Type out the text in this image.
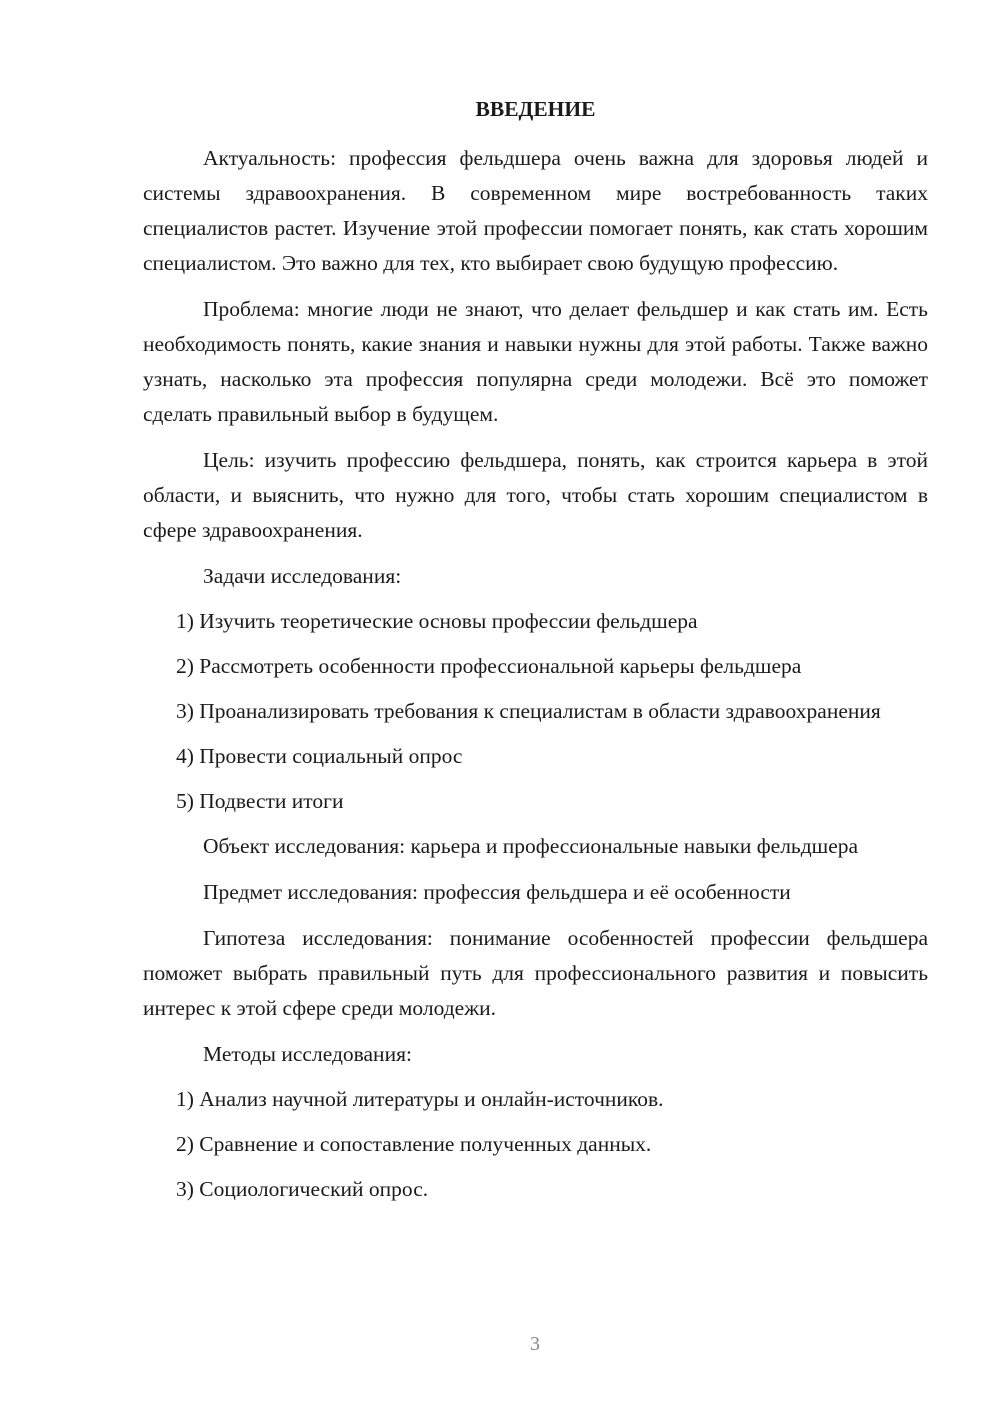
ВВЕДЕНИЕ
Актуальность: профессия фельдшера очень важна для здоровья людей и системы здравоохранения. В современном мире востребованность таких специалистов растет. Изучение этой профессии помогает понять, как стать хорошим специалистом. Это важно для тех, кто выбирает свою будущую профессию.
Проблема: многие люди не знают, что делает фельдшер и как стать им. Есть необходимость понять, какие знания и навыки нужны для этой работы. Также важно узнать, насколько эта профессия популярна среди молодежи. Всё это поможет сделать правильный выбор в будущем.
Цель: изучить профессию фельдшера, понять, как строится карьера в этой области, и выяснить, что нужно для того, чтобы стать хорошим специалистом в сфере здравоохранения.
Задачи исследования:
1) Изучить теоретические основы профессии фельдшера
2) Рассмотреть особенности профессиональной карьеры фельдшера
3) Проанализировать требования к специалистам в области здравоохранения
4) Провести социальный опрос
5) Подвести итоги
Объект исследования: карьера и профессиональные навыки фельдшера
Предмет исследования: профессия фельдшера и её особенности
Гипотеза исследования: понимание особенностей профессии фельдшера поможет выбрать правильный путь для профессионального развития и повысить интерес к этой сфере среди молодежи.
Методы исследования:
1) Анализ научной литературы и онлайн-источников.
2) Сравнение и сопоставление полученных данных.
3) Социологический опрос.
3
